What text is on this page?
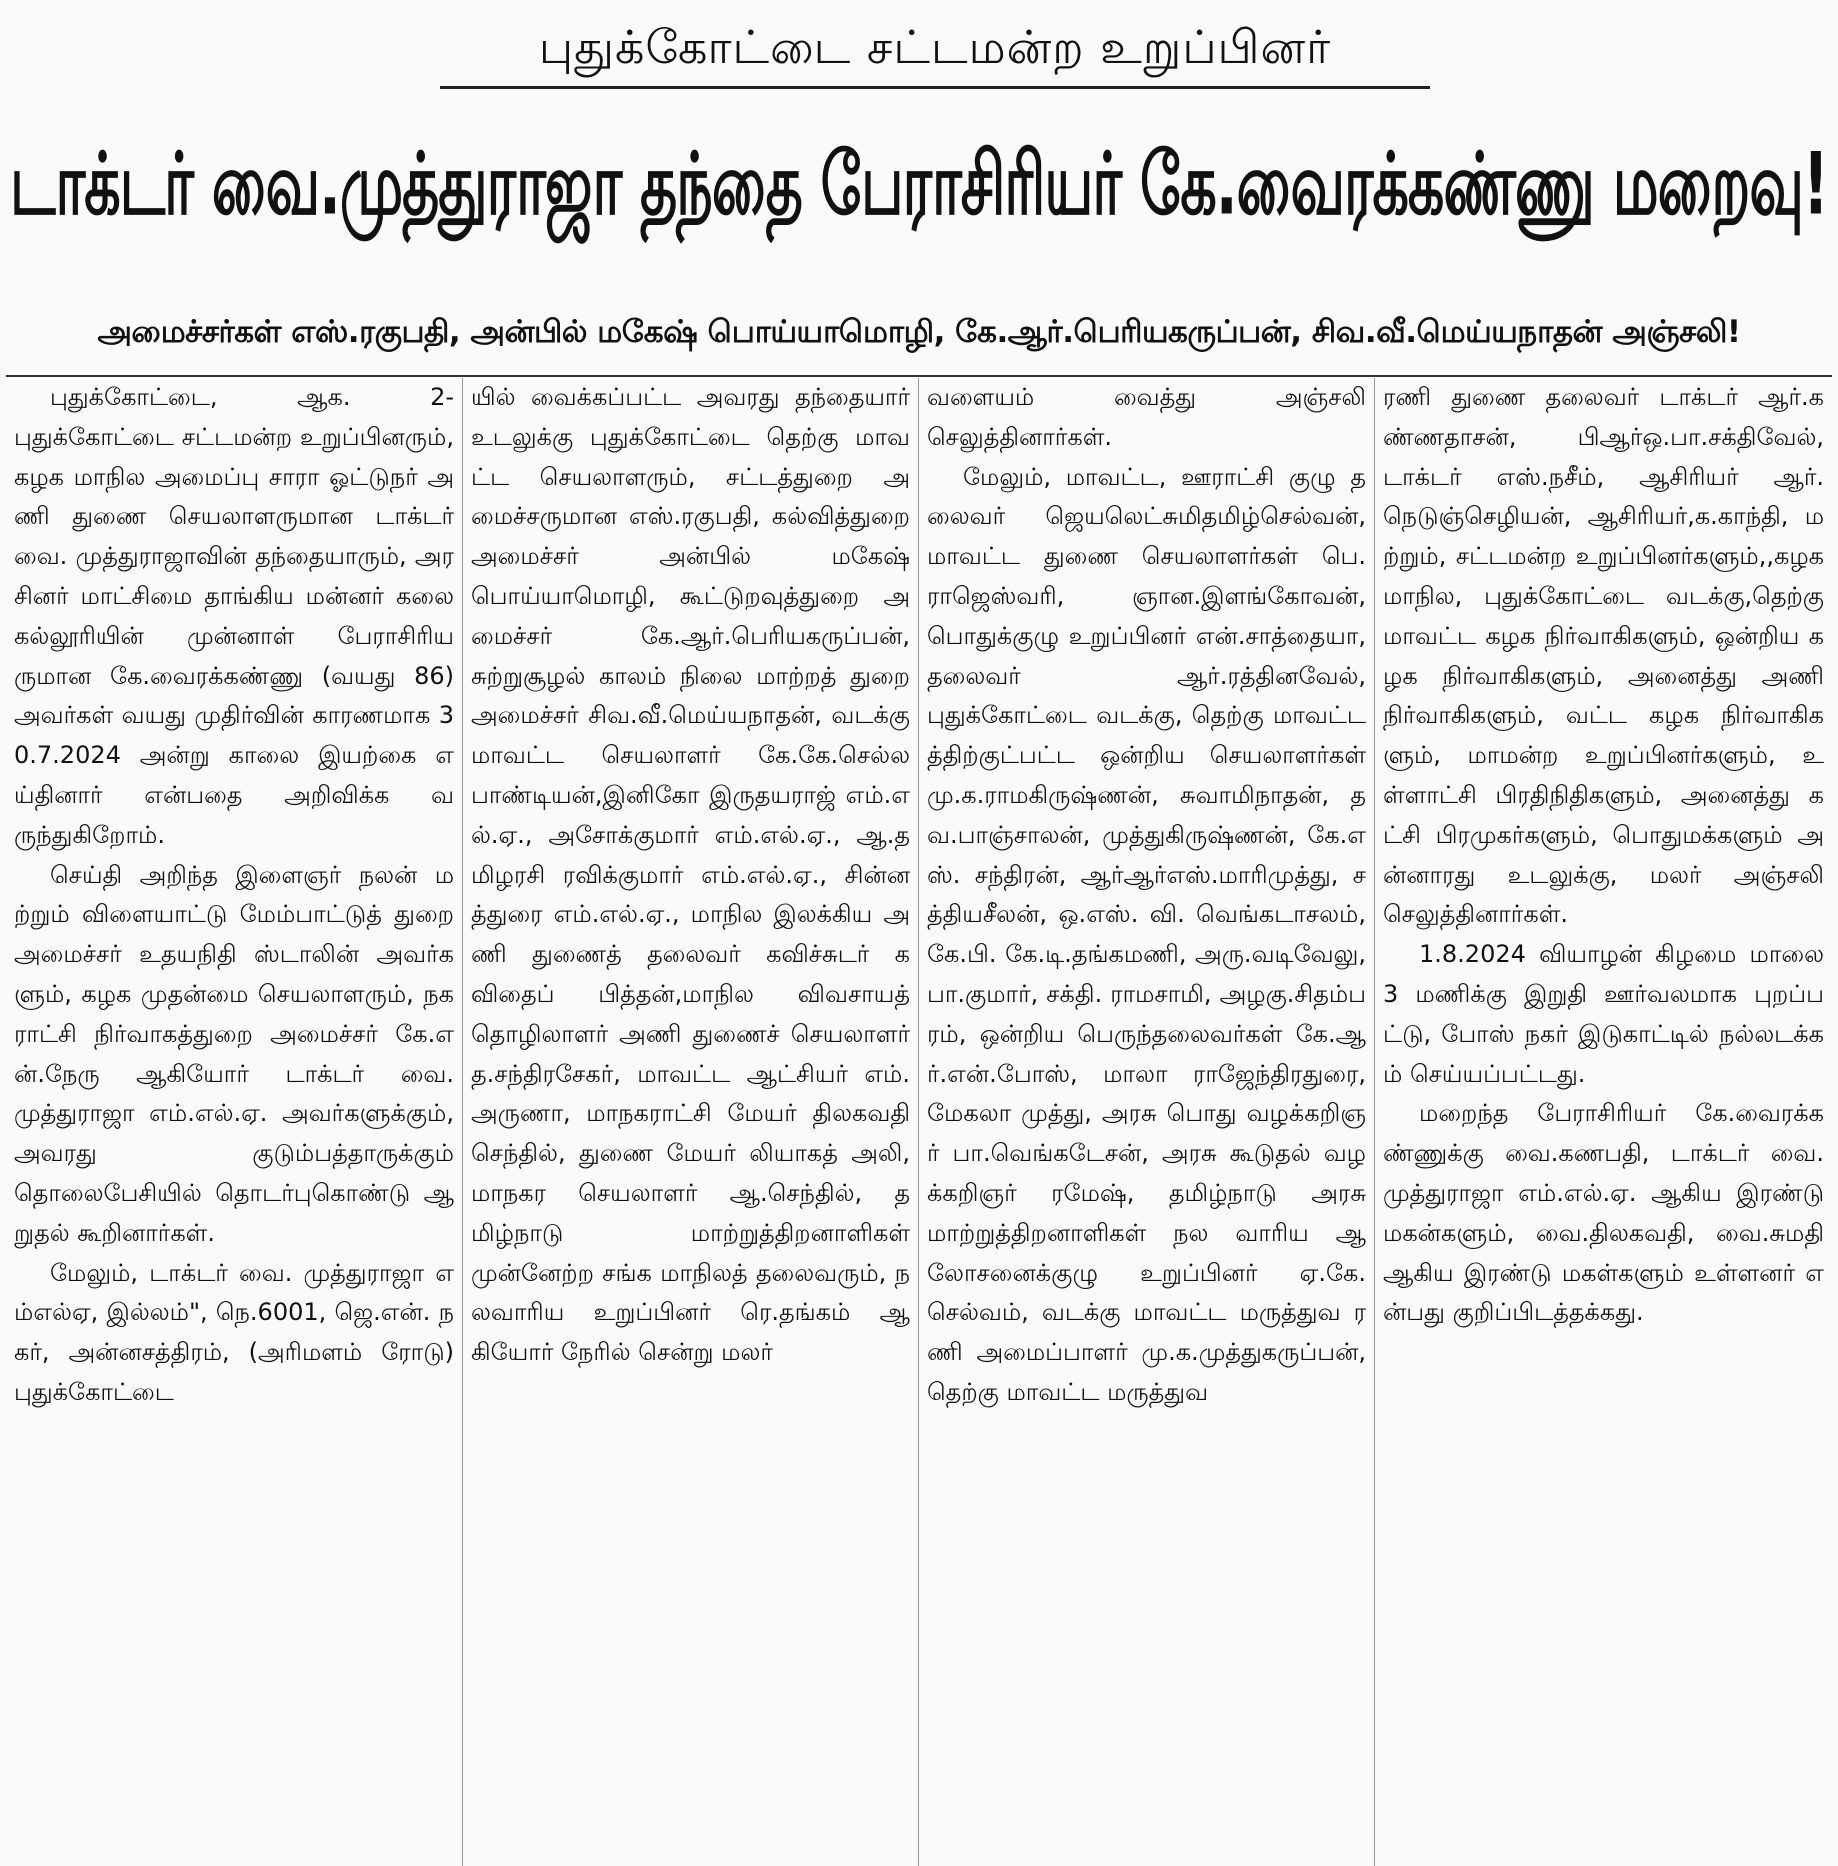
புதுக்கோட்டை சட்டமன்ற உறுப்பினர்
டாக்டர் வை.முத்துராஜா தந்தை பேராசிரியர் கே.வைரக்கண்ணு மறைவு!
அமைச்சர்கள் எஸ்.ரகுபதி, அன்பில் மகேஷ் பொய்யாமொழி, கே.ஆர்.பெரியகருப்பன், சிவ.வீ.மெய்யநாதன் அஞ்சலி!

புதுக்கோட்டை, ஆக. 2- புதுக்கோட்டை சட்டமன்ற உறுப்பினரும்,கழக மாநில அமைப்பு சாரா ஓட்டுநர் அணி துணை செயலாளருமான டாக்டர் வை. முத்துராஜாவின் தந்தையாரும், அரசினர் மாட்சிமை தாங்கிய மன்னர் கலை கல்லூரியின் முன்னாள் பேராசிரியருமான கே.வைரக்கண்ணு (வயது 86) அவர்கள் வயது முதிர்வின் காரணமாக 30.7.2024 அன்று காலை இயற்கை எய்தினார் என்பதை அறிவிக்க வருந்துகிறோம்.

செய்தி அறிந்த இளைஞர் நலன் மற்றும் விளையாட்டு மேம்பாட்டுத் துறை அமைச்சர் உதயநிதி ஸ்டாலின் அவர்களும், கழக முதன்மை செயலாளரும், நகராட்சி நிர்வாகத்துறை அமைச்சர் கே.என்.நேரு ஆகியோர் டாக்டர் வை. முத்துராஜா எம்.எல்.ஏ. அவர்களுக்கும், அவரது குடும்பத்தாருக்கும் தொலைபேசியில் தொடர்புகொண்டு ஆறுதல் கூறினார்கள்.

மேலும், டாக்டர் வை. முத்துராஜா எம்எல்ஏ, இல்லம்", நெ.6001, ஜெ.என். நகர், அன்னசத்திரம், (அரிமளம் ரோடு) புதுக்கோட்டை

யில் வைக்கப்பட்ட அவரது தந்தையார் உடலுக்கு புதுக்கோட்டை தெற்கு மாவட்ட செயலாளரும், சட்டத்துறை அமைச்சருமான எஸ்.ரகுபதி, கல்வித்துறை அமைச்சர் அன்பில் மகேஷ் பொய்யாமொழி, கூட்டுறவுத்துறை அமைச்சர் கே.ஆர்.பெரியகருப்பன், சுற்றுசூழல் காலம் நிலை மாற்றத் துறை அமைச்சர் சிவ.வீ.மெய்யநாதன், வடக்கு மாவட்ட செயலாளர் கே.கே.செல்லபாண்டியன்,இனிகோ இருதயராஜ் எம்.எல்.ஏ., அசோக்குமார் எம்.எல்.ஏ., ஆ.தமிழரசி ரவிக்குமார் எம்.எல்.ஏ., சின்னத்துரை எம்.எல்.ஏ., மாநில இலக்கிய அணி துணைத் தலைவர் கவிச்சுடர் கவிதைப் பித்தன்,மாநில விவசாயத் தொழிலாளர் அணி துணைச் செயலாளர் த.சந்திரசேகர், மாவட்ட ஆட்சியர் எம்.அருணா, மாநகராட்சி மேயர் திலகவதி செந்தில், துணை மேயர் லியாகத் அலி, மாநகர செயலாளர் ஆ.செந்தில், தமிழ்நாடு மாற்றுத்திறனாளிகள் முன்னேற்ற சங்க மாநிலத் தலைவரும், நலவாரிய உறுப்பினர் ரெ.தங்கம் ஆகியோர் நேரில் சென்று மலர்

வளையம் வைத்து அஞ்சலி செலுத்தினார்கள்.

மேலும், மாவட்ட, ஊராட்சி குழு தலைவர் ஜெயலெட்சுமிதமிழ்செல்வன்,மாவட்ட துணை செயலாளர்கள் பெ.ராஜெஸ்வரி, ஞான.இளங்கோவன், பொதுக்குழு உறுப்பினர் என்.சாத்தையா, தலைவர் ஆர்.ரத்தினவேல், புதுக்கோட்டை வடக்கு, தெற்கு மாவட்டத்திற்குட்பட்ட ஒன்றிய செயலாளர்கள் மு.க.ராமகிருஷ்ணன், சுவாமிநாதன், தவ.பாஞ்சாலன், முத்துகிருஷ்ணன், கே.எஸ். சந்திரன், ஆர்ஆர்எஸ்.மாரிமுத்து, சத்தியசீலன், ஒ.எஸ். வி. வெங்கடாசலம், கே.பி. கே.டி.தங்கமணி, அரு.வடிவேலு, பா.குமார், சக்தி. ராமசாமி, அழகு.சிதம்பரம், ஒன்றிய பெருந்தலைவர்கள் கே.ஆர்.என்.போஸ், மாலா ராஜேந்திரதுரை, மேகலா முத்து, அரசு பொது வழக்கறிஞர் பா.வெங்கடேசன், அரசு கூடுதல் வழக்கறிஞர் ரமேஷ், தமிழ்நாடு அரசு மாற்றுத்திறனாளிகள் நல வாரிய ஆலோசனைக்குழு உறுப்பினர் ஏ.கே.செல்வம், வடக்கு மாவட்ட மருத்துவ ரணி அமைப்பாளர் மு.க.முத்துகருப்பன், தெற்கு மாவட்ட மருத்துவ

ரணி துணை தலைவர் டாக்டர் ஆர்.கண்ணதாசன், பிஆர்ஒ.பா.சக்திவேல், டாக்டர் எஸ்.நசீம், ஆசிரியர் ஆர்.நெடுஞ்செழியன், ஆசிரியர்,க.காந்தி, மற்றும், சட்டமன்ற உறுப்பினர்களும்,,கழக மாநில, புதுக்கோட்டை வடக்கு,தெற்கு மாவட்ட கழக நிர்வாகிகளும், ஒன்றிய கழக நிர்வாகிகளும், அனைத்து அணி நிர்வாகிகளும், வட்ட கழக நிர்வாகிகளும், மாமன்ற உறுப்பினர்களும், உள்ளாட்சி பிரதிநிதிகளும், அனைத்து கட்சி பிரமுகர்களும், பொதுமக்களும் அன்னாரது உடலுக்கு, மலர் அஞ்சலி செலுத்தினார்கள்.

1.8.2024 வியாழன் கிழமை மாலை 3 மணிக்கு இறுதி ஊர்வலமாக புறப்பட்டு, போஸ் நகர் இடுகாட்டில் நல்லடக்கம் செய்யப்பட்டது.

மறைந்த பேராசிரியர் கே.வைரக்கண்ணுக்கு வை.கணபதி, டாக்டர் வை.முத்துராஜா எம்.எல்.ஏ. ஆகிய இரண்டு மகன்களும், வை.திலகவதி, வை.சுமதி ஆகிய இரண்டு மகள்களும் உள்ளனர் என்பது குறிப்பிடத்தக்கது.
